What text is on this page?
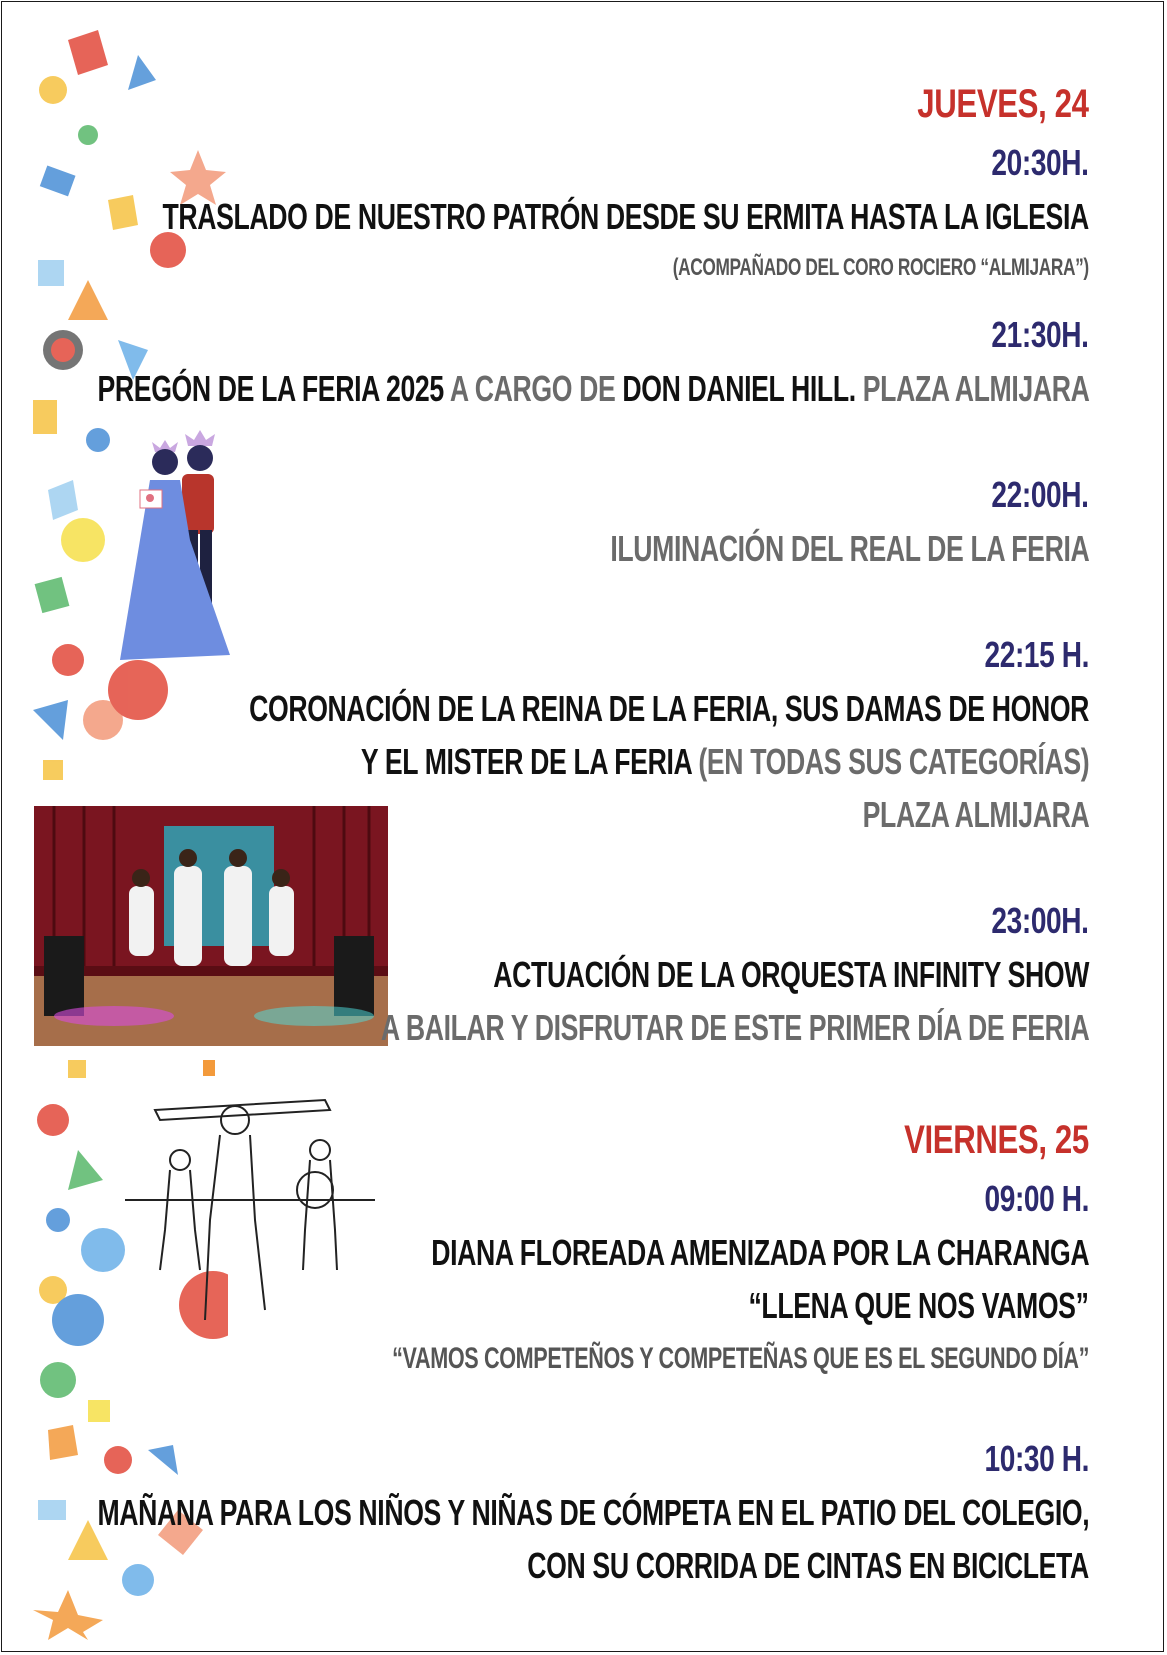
JUEVES, 24
20:30H.
TRASLADO DE NUESTRO PATRÓN DESDE SU ERMITA HASTA LA IGLESIA
(ACOMPAÑADO DEL CORO ROCIERO “ALMIJARA”)
21:30H.
PREGÓN DE LA FERIA 2025 A CARGO DE DON DANIEL HILL. PLAZA ALMIJARA
22:00H.
ILUMINACIÓN DEL REAL DE LA FERIA
22:15 H.
CORONACIÓN DE LA REINA DE LA FERIA, SUS DAMAS DE HONOR
Y EL MISTER DE LA FERIA (EN TODAS SUS CATEGORÍAS)
PLAZA ALMIJARA
23:00H.
ACTUACIÓN DE LA ORQUESTA INFINITY SHOW
A BAILAR Y DISFRUTAR DE ESTE PRIMER DÍA DE FERIA
VIERNES, 25
09:00 H.
DIANA FLOREADA AMENIZADA POR LA CHARANGA
“LLENA QUE NOS VAMOS”
“VAMOS COMPETEÑOS Y COMPETEÑAS QUE ES EL SEGUNDO DÍA”
10:30 H.
MAÑANA PARA LOS NIÑOS Y NIÑAS DE CÓMPETA EN EL PATIO DEL COLEGIO,
CON SU CORRIDA DE CINTAS EN BICICLETA
